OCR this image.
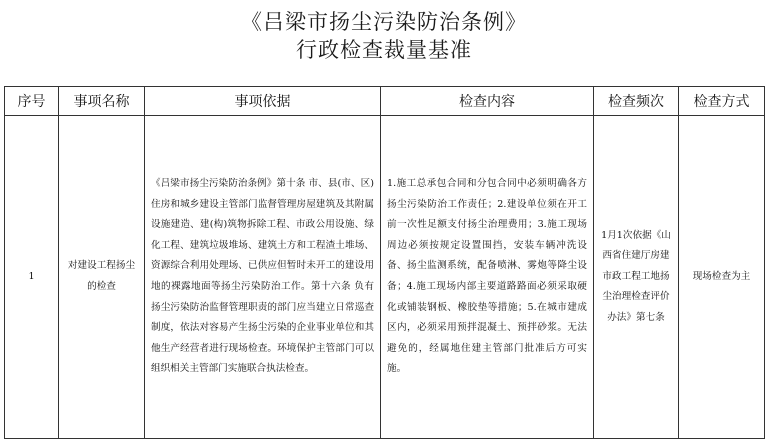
《吕梁市扬尘污染防治条例》
行政检查裁量基准
序号	事项名称	事项依据	检查内容	检查频次	检查方式
1	对建设工程扬尘的检查	《吕梁市扬尘污染防治条例》第十条 市、县(市、区)住房和城乡建设主管部门监督管理房屋建筑及其附属设施建造、建(构)筑物拆除工程、市政公用设施、绿化工程、建筑垃圾堆场、建筑土方和工程渣土堆场、资源综合利用处理场、已供应但暂时未开工的建设用地的裸露地面等扬尘污染防治工作。第十六条 负有扬尘污染防治监督管理职责的部门应当建立日常巡查制度，依法对容易产生扬尘污染的企业事业单位和其他生产经营者进行现场检查。环境保护主管部门可以组织相关主管部门实施联合执法检查。	1.施工总承包合同和分包合同中必须明确各方扬尘污染防治工作责任；2.建设单位须在开工前一次性足额支付扬尘治理费用；3.施工现场周边必须按规定设置围挡，安装车辆冲洗设备、扬尘监测系统，配备喷淋、雾炮等降尘设备；4.施工现场内部主要道路路面必须采取硬化或铺装钢板、橡胶垫等措施；5.在城市建成区内，必须采用预拌混凝土、预拌砂浆。无法避免的，经属地住建主管部门批准后方可实施。	1月1次依据《山西省住建厅房建市政工程工地扬尘治理检查评价办法》第七条	现场检查为主
